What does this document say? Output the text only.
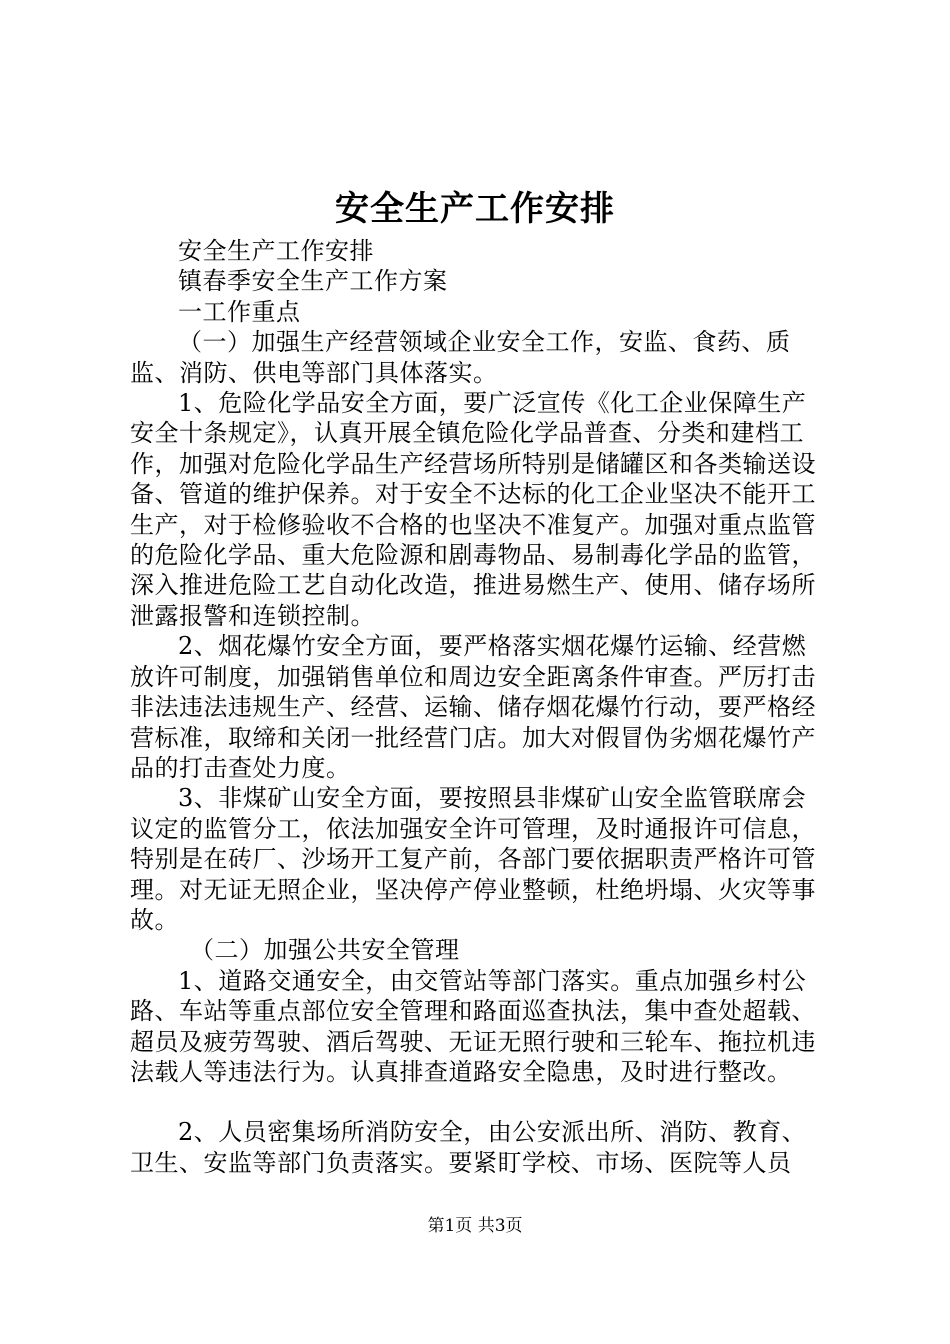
安全生产工作安排

安全生产工作安排

镇春季安全生产工作方案

一工作重点

（一）加强生产经营领域企业安全工作，安监、食药、质监、消防、供电等部门具体落实。

1、危险化学品安全方面，要广泛宣传《化工企业保障生产安全十条规定》，认真开展全镇危险化学品普查、分类和建档工作，加强对危险化学品生产经营场所特别是储罐区和各类输送设备、管道的维护保养。对于安全不达标的化工企业坚决不能开工生产，对于检修验收不合格的也坚决不准复产。加强对重点监管的危险化学品、重大危险源和剧毒物品、易制毒化学品的监管，深入推进危险工艺自动化改造，推进易燃生产、使用、储存场所泄露报警和连锁控制。

2、烟花爆竹安全方面，要严格落实烟花爆竹运输、经营燃放许可制度，加强销售单位和周边安全距离条件审查。严厉打击非法违法违规生产、经营、运输、储存烟花爆竹行动，要严格经营标准，取缔和关闭一批经营门店。加大对假冒伪劣烟花爆竹产品的打击查处力度。

3、非煤矿山安全方面，要按照县非煤矿山安全监管联席会议定的监管分工，依法加强安全许可管理，及时通报许可信息，特别是在砖厂、沙场开工复产前，各部门要依据职责严格许可管理。对无证无照企业，坚决停产停业整顿，杜绝坍塌、火灾等事故。

（二）加强公共安全管理

1、道路交通安全，由交管站等部门落实。重点加强乡村公路、车站等重点部位安全管理和路面巡查执法，集中查处超载、超员及疲劳驾驶、酒后驾驶、无证无照行驶和三轮车、拖拉机违法载人等违法行为。认真排查道路安全隐患，及时进行整改。

2、人员密集场所消防安全，由公安派出所、消防、教育、卫生、安监等部门负责落实。要紧盯学校、市场、医院等人员

第1页 共3页
